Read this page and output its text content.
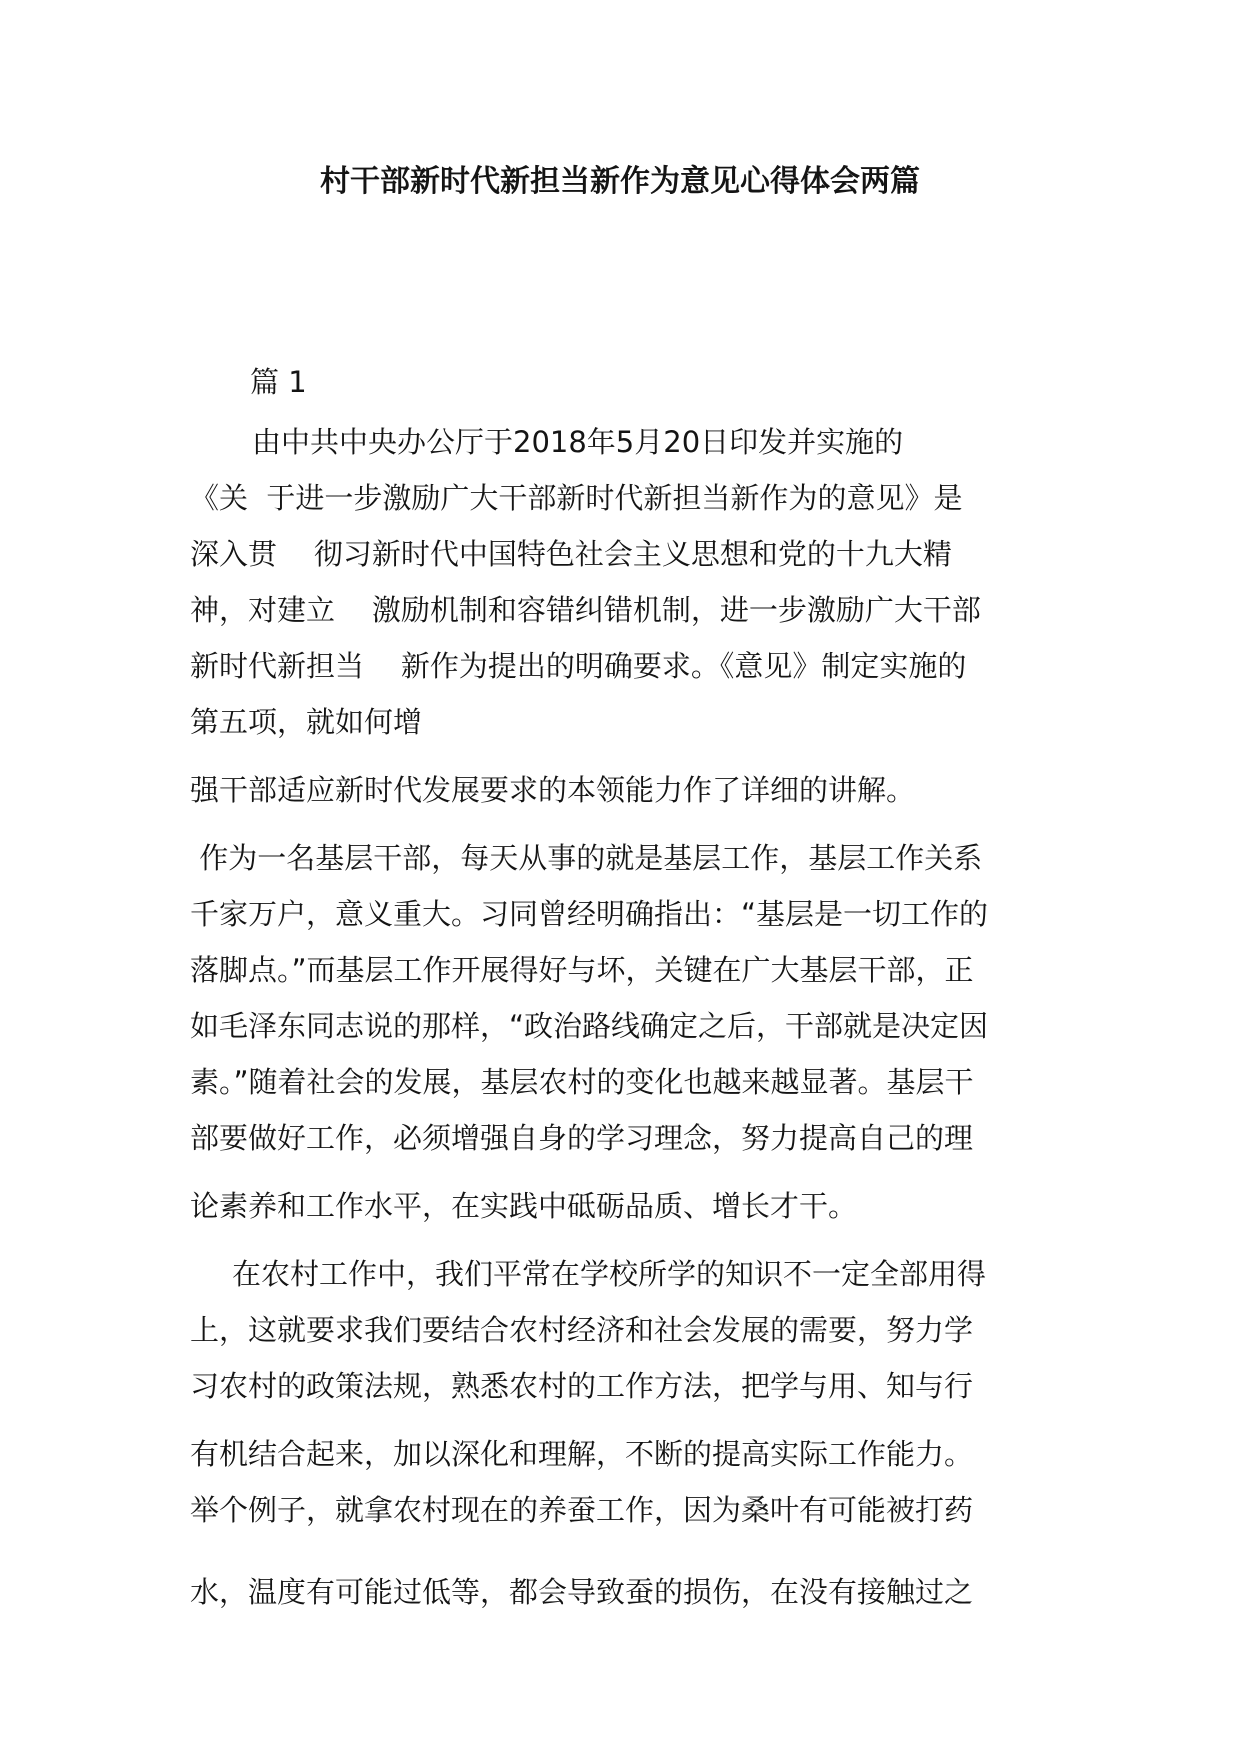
村干部新时代新担当新作为意见心得体会两篇
篇 1
由中共中央办公厅于2018年5月20日印发并实施的
《关  于进一步激励广大干部新时代新担当新作为的意见》是
深入贯    彻习新时代中国特色社会主义思想和党的十九大精
神，对建立    激励机制和容错纠错机制，进一步激励广大干部
新时代新担当    新作为提出的明确要求。《意见》制定实施的
第五项，就如何增
强干部适应新时代发展要求的本领能力作了详细的讲解。
作为一名基层干部，每天从事的就是基层工作，基层工作关系
千家万户，意义重大。习同曾经明确指出：“基层是一切工作的
落脚点。”而基层工作开展得好与坏，关键在广大基层干部，正
如毛泽东同志说的那样，“政治路线确定之后，干部就是决定因
素。”随着社会的发展，基层农村的变化也越来越显著。基层干
部要做好工作，必须增强自身的学习理念，努力提高自己的理
论素养和工作水平，在实践中砥砺品质、增长才干。
在农村工作中，我们平常在学校所学的知识不一定全部用得
上，这就要求我们要结合农村经济和社会发展的需要，努力学
习农村的政策法规，熟悉农村的工作方法，把学与用、知与行
有机结合起来，加以深化和理解，不断的提高实际工作能力。
举个例子，就拿农村现在的养蚕工作，因为桑叶有可能被打药
水，温度有可能过低等，都会导致蚕的损伤，在没有接触过之
